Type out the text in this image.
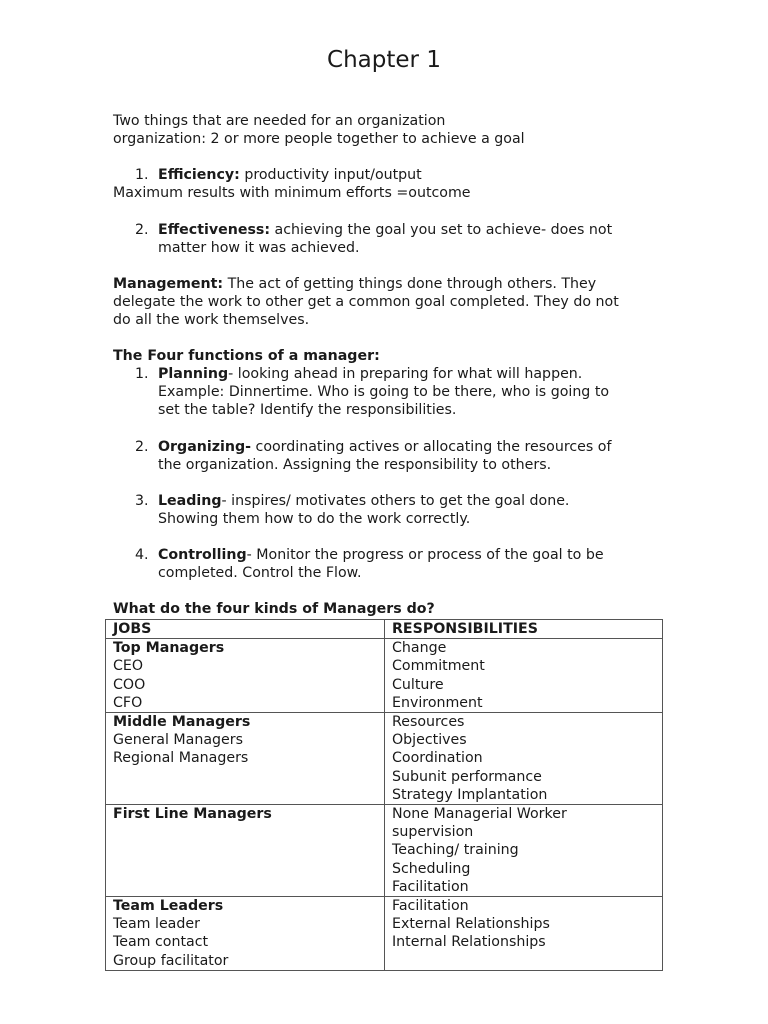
Chapter 1
Two things that are needed for an organization
organization: 2 or more people together to achieve a goal
1. Efficiency: productivity input/output
Maximum results with minimum efforts =outcome
2. Effectiveness: achieving the goal you set to achieve- does not
matter how it was achieved.
Management: The act of getting things done through others. They
delegate the work to other get a common goal completed. They do not
do all the work themselves.
The Four functions of a manager:
1. Planning- looking ahead in preparing for what will happen.
Example: Dinnertime. Who is going to be there, who is going to
set the table? Identify the responsibilities.
2. Organizing- coordinating actives or allocating the resources of
the organization. Assigning the responsibility to others.
3. Leading- inspires/ motivates others to get the goal done.
Showing them how to do the work correctly.
4. Controlling- Monitor the progress or process of the goal to be
completed. Control the Flow.
What do the four kinds of Managers do?
JOBS	RESPONSIBILITIES

Top Managers
CEO
COO
CFO	Change
Commitment
Culture
Environment

Middle Managers
General Managers
Regional Managers	Resources
Objectives
Coordination
Subunit performance
Strategy Implantation

First Line Managers	None Managerial Worker
supervision
Teaching/ training
Scheduling
Facilitation

Team Leaders
Team leader
Team contact
Group facilitator	Facilitation
External Relationships
Internal Relationships
